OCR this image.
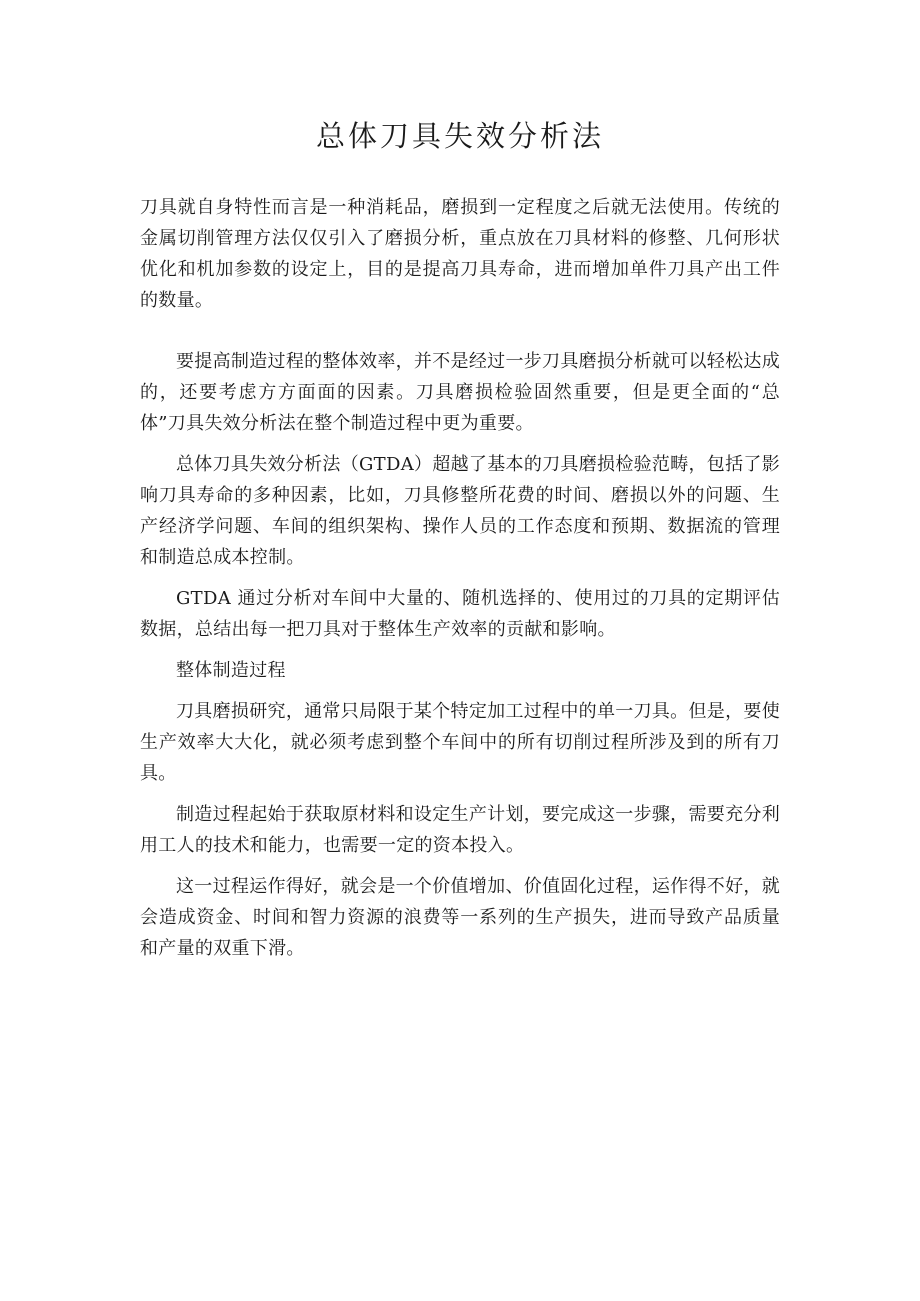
总体刀具失效分析法

刀具就自身特性而言是一种消耗品，磨损到一定程度之后就无法使用。传统的金属切削管理方法仅仅引入了磨损分析，重点放在刀具材料的修整、几何形状优化和机加参数的设定上，目的是提高刀具寿命，进而增加单件刀具产出工件的数量。

要提高制造过程的整体效率，并不是经过一步刀具磨损分析就可以轻松达成的，还要考虑方方面面的因素。刀具磨损检验固然重要，但是更全面的“总体”刀具失效分析法在整个制造过程中更为重要。

总体刀具失效分析法（GTDA）超越了基本的刀具磨损检验范畴，包括了影响刀具寿命的多种因素，比如，刀具修整所花费的时间、磨损以外的问题、生产经济学问题、车间的组织架构、操作人员的工作态度和预期、数据流的管理和制造总成本控制。

GTDA 通过分析对车间中大量的、随机选择的、使用过的刀具的定期评估数据，总结出每一把刀具对于整体生产效率的贡献和影响。

整体制造过程

刀具磨损研究，通常只局限于某个特定加工过程中的单一刀具。但是，要使生产效率大大化，就必须考虑到整个车间中的所有切削过程所涉及到的所有刀具。

制造过程起始于获取原材料和设定生产计划，要完成这一步骤，需要充分利用工人的技术和能力，也需要一定的资本投入。

这一过程运作得好，就会是一个价值增加、价值固化过程，运作得不好，就会造成资金、时间和智力资源的浪费等一系列的生产损失，进而导致产品质量和产量的双重下滑。
